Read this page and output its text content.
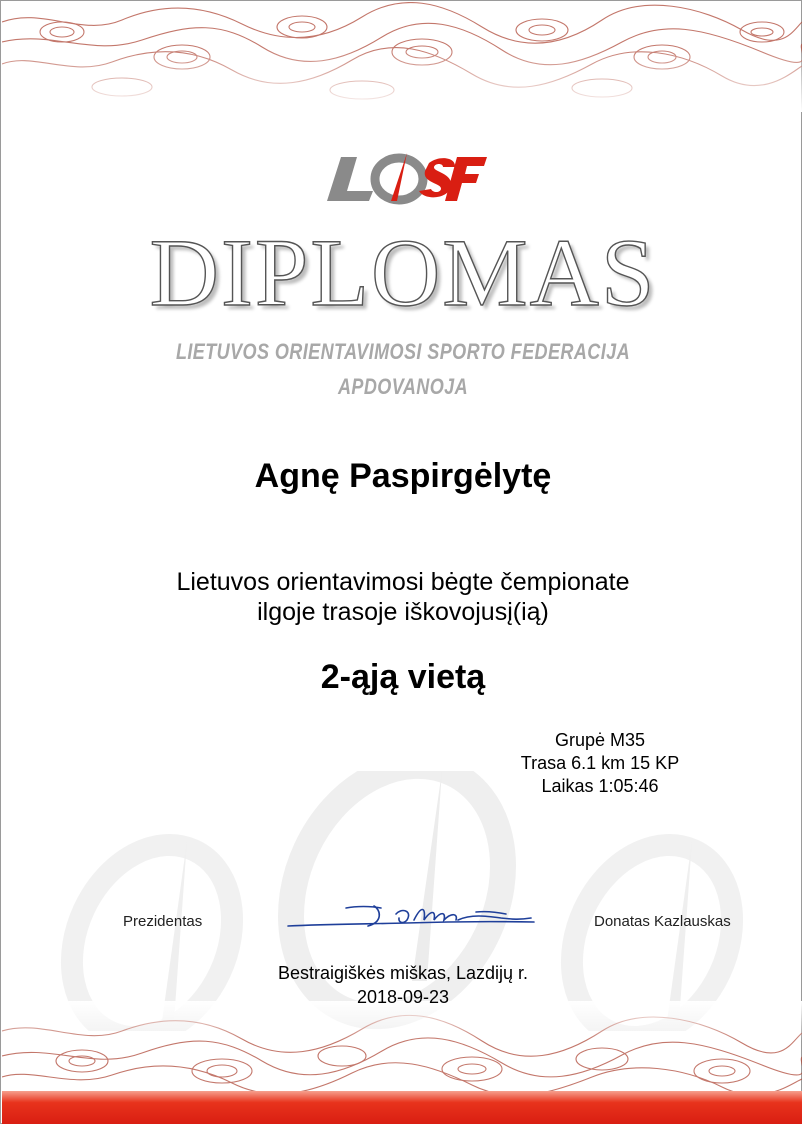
DIPLOMAS
LIETUVOS ORIENTAVIMOSI SPORTO FEDERACIJA
APDOVANOJA
Agnę Paspirgėlytę
Lietuvos orientavimosi bėgte čempionate
ilgoje trasoje iškovojusį(ią)
2-ąją vietą
Grupė M35
Trasa 6.1 km 15 KP
Laikas 1:05:46
Prezidentas	Donatas Kazlauskas
Bestraigiškės miškas, Lazdijų r.
2018-09-23
